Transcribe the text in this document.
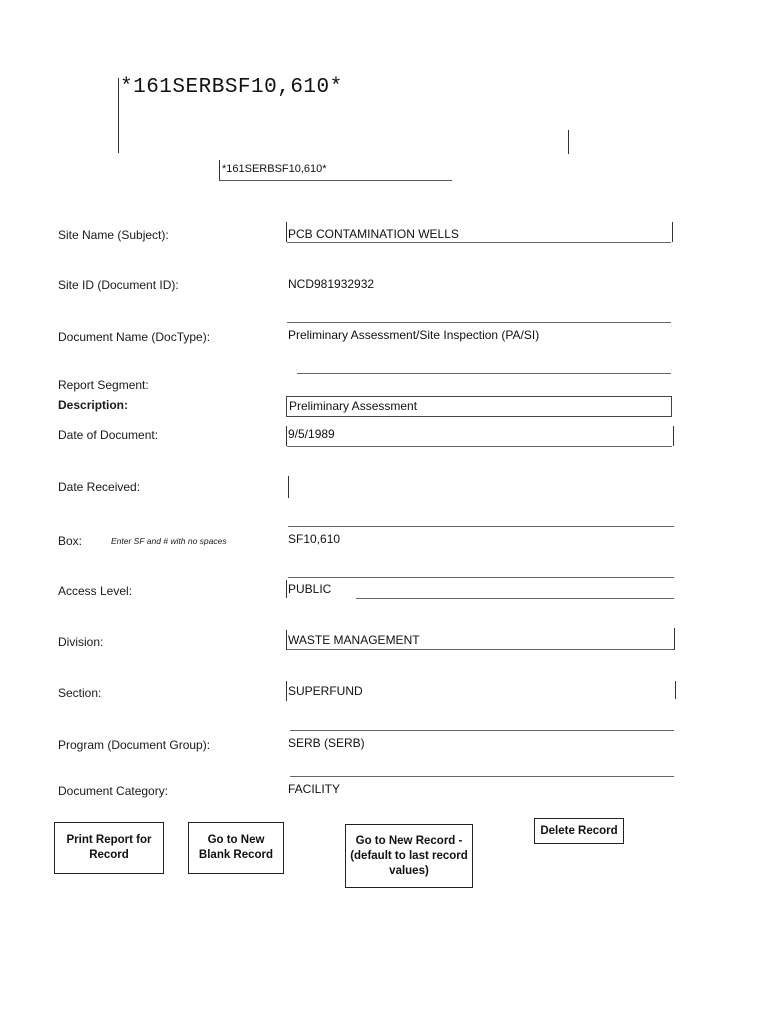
*161SERBSF10,610*
*161SERBSF10,610*
Site Name (Subject):	PCB CONTAMINATION WELLS
Site ID (Document ID):	NCD981932932
Document Name (DocType):	Preliminary Assessment/Site Inspection (PA/SI)
Report Segment:
Description:	Preliminary Assessment
Date of Document:	9/5/1989
Date Received:
Box:	Enter SF and # with no spaces	SF10,610
Access Level:	PUBLIC
Division:	WASTE MANAGEMENT
Section:	SUPERFUND
Program (Document Group):	SERB (SERB)
Document Category:	FACILITY
Print Report for Record
Go to New Blank Record
Go to New Record - (default to last record values)
Delete Record
